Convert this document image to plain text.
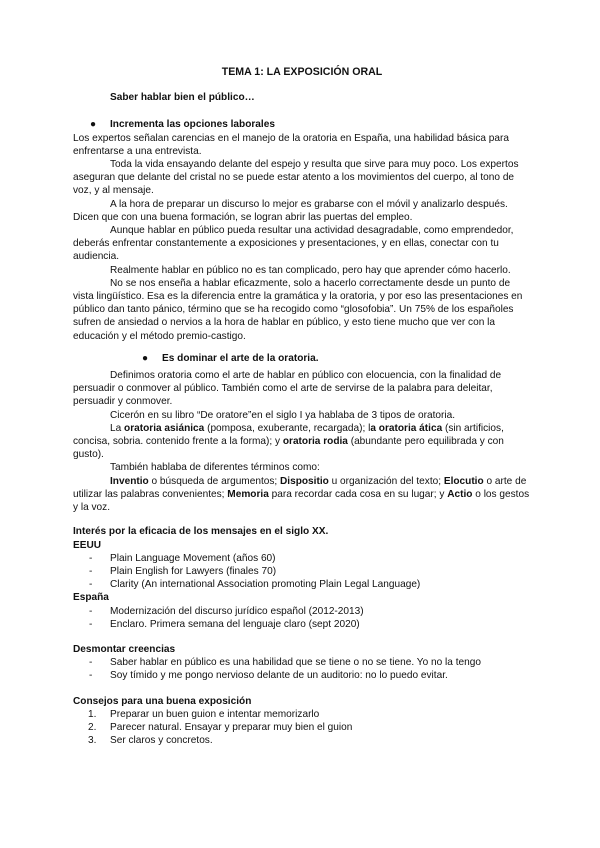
TEMA 1: LA EXPOSICIÓN ORAL
Saber hablar bien el público…
● Incrementa las opciones laborales

Los expertos señalan carencias en el manejo de la oratoria en España, una habilidad básica para enfrentarse a una entrevista.

Toda la vida ensayando delante del espejo y resulta que sirve para muy poco. Los expertos aseguran que delante del cristal no se puede estar atento a los movimientos del cuerpo, al tono de voz, y al mensaje.

A la hora de preparar un discurso lo mejor es grabarse con el móvil y analizarlo después. Dicen que con una buena formación, se logran abrir las puertas del empleo.

Aunque hablar en público pueda resultar una actividad desagradable, como emprendedor, deberás enfrentar constantemente a exposiciones y presentaciones, y en ellas, conectar con tu audiencia.

Realmente hablar en público no es tan complicado, pero hay que aprender cómo hacerlo.

No se nos enseña a hablar eficazmente, solo a hacerlo correctamente desde un punto de vista lingüístico. Esa es la diferencia entre la gramática y la oratoria, y por eso las presentaciones en público dan tanto pánico, término que se ha recogido como “glosofobia”. Un 75% de los españoles sufren de ansiedad o nervios a la hora de hablar en público, y esto tiene mucho que ver con la educación y el método premio-castigo.

● Es dominar el arte de la oratoria.

Definimos oratoria como el arte de hablar en público con elocuencia, con la finalidad de persuadir o conmover al público. También como el arte de servirse de la palabra para deleitar, persuadir y conmover.

Cicerón en su libro “De oratore”en el siglo I ya hablaba de 3 tipos de oratoria.

La oratoria asiánica (pomposa, exuberante, recargada); la oratoria ática (sin artificios, concisa, sobria. contenido frente a la forma); y oratoria rodia (abundante pero equilibrada y con gusto).

También hablaba de diferentes términos como:

Inventio o búsqueda de argumentos; Dispositio u organización del texto; Elocutio o arte de utilizar las palabras convenientes; Memoria para recordar cada cosa en su lugar; y Actio o los gestos y la voz.

Interés por la eficacia de los mensajes en el siglo XX.
EEUU
- Plain Language Movement (años 60)
- Plain English for Lawyers (finales 70)
- Clarity (An international Association promoting Plain Legal Language)
España
- Modernización del discurso jurídico español (2012-2013)
- Enclaro. Primera semana del lenguaje claro (sept 2020)
Desmontar creencias
- Saber hablar en público es una habilidad que se tiene o no se tiene. Yo no la tengo
- Soy tímido y me pongo nervioso delante de un auditorio: no lo puedo evitar.
Consejos para una buena exposición
1. Preparar un buen guion e intentar memorizarlo
2. Parecer natural. Ensayar y preparar muy bien el guion
3. Ser claros y concretos.
